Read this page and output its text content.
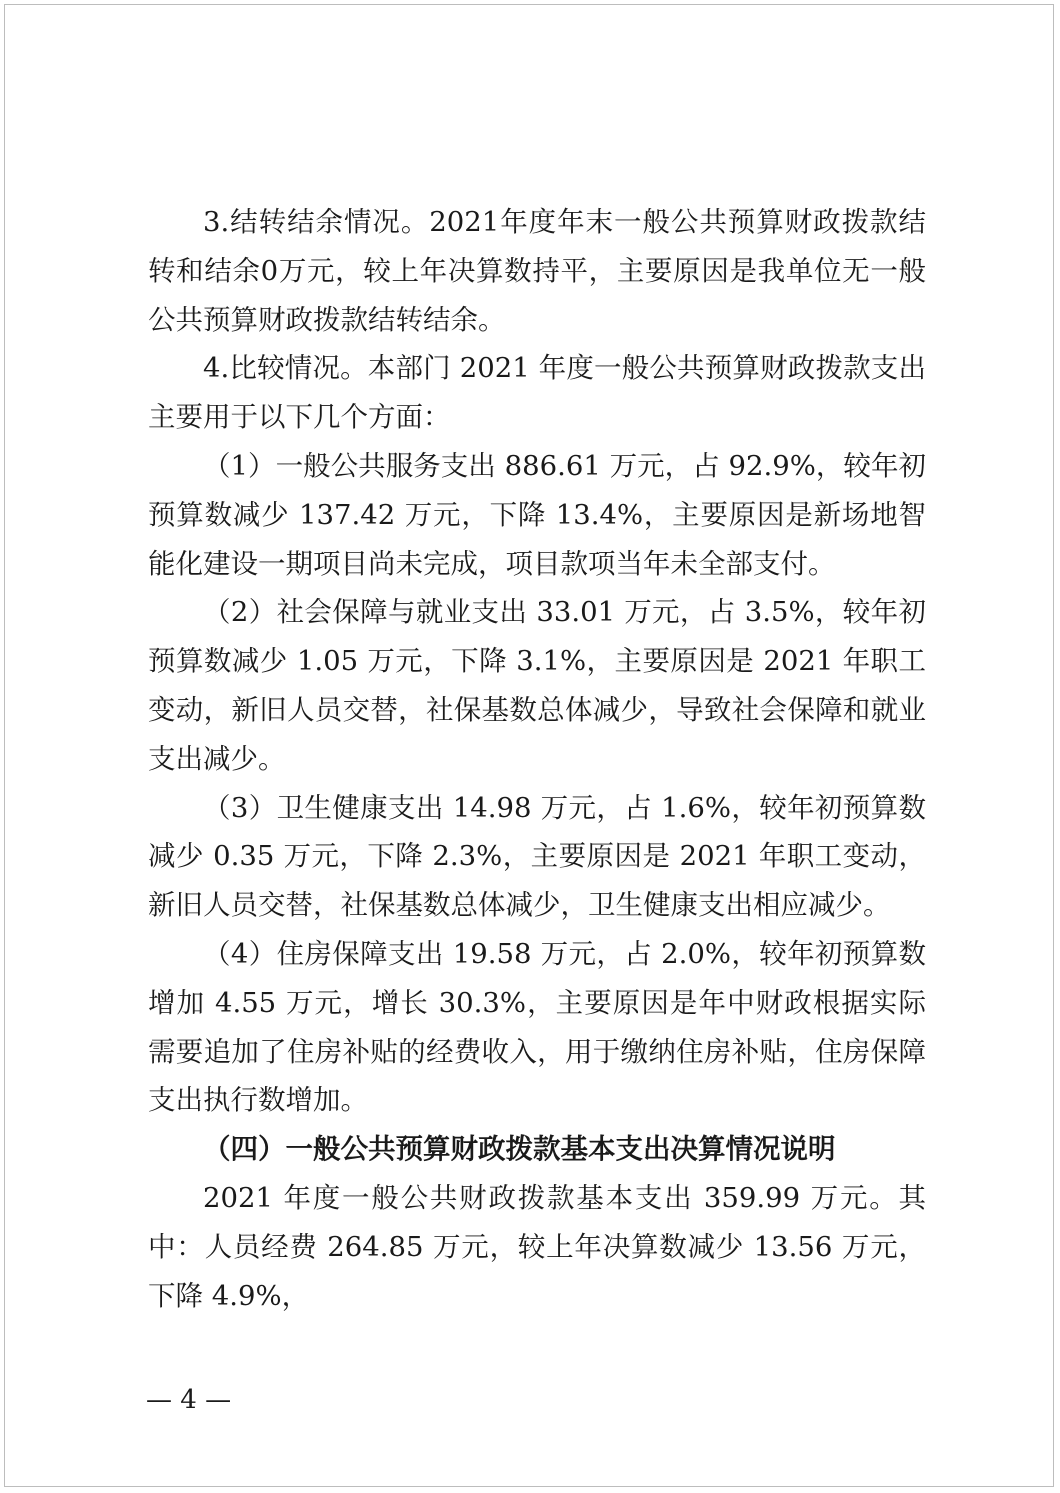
3.结转结余情况。2021年度年末一般公共预算财政拨款结转和结余0万元，较上年决算数持平，主要原因是我单位无一般公共预算财政拨款结转结余。

4.比较情况。本部门 2021 年度一般公共预算财政拨款支出主要用于以下几个方面：

（1）一般公共服务支出 886.61 万元，占 92.9%，较年初预算数减少 137.42 万元，下降 13.4%，主要原因是新场地智能化建设一期项目尚未完成，项目款项当年未全部支付。

（2）社会保障与就业支出 33.01 万元，占 3.5%，较年初预算数减少 1.05 万元，下降 3.1%，主要原因是 2021 年职工变动，新旧人员交替，社保基数总体减少，导致社会保障和就业支出减少。

（3）卫生健康支出 14.98 万元，占 1.6%，较年初预算数减少 0.35 万元，下降 2.3%，主要原因是 2021 年职工变动，新旧人员交替，社保基数总体减少，卫生健康支出相应减少。

（4）住房保障支出 19.58 万元，占 2.0%，较年初预算数增加 4.55 万元，增长 30.3%，主要原因是年中财政根据实际需要追加了住房补贴的经费收入，用于缴纳住房补贴，住房保障支出执行数增加。

（四）一般公共预算财政拨款基本支出决算情况说明

2021 年度一般公共财政拨款基本支出 359.99 万元。其中：人员经费 264.85 万元，较上年决算数减少 13.56 万元，下降 4.9%，

— 4 —
